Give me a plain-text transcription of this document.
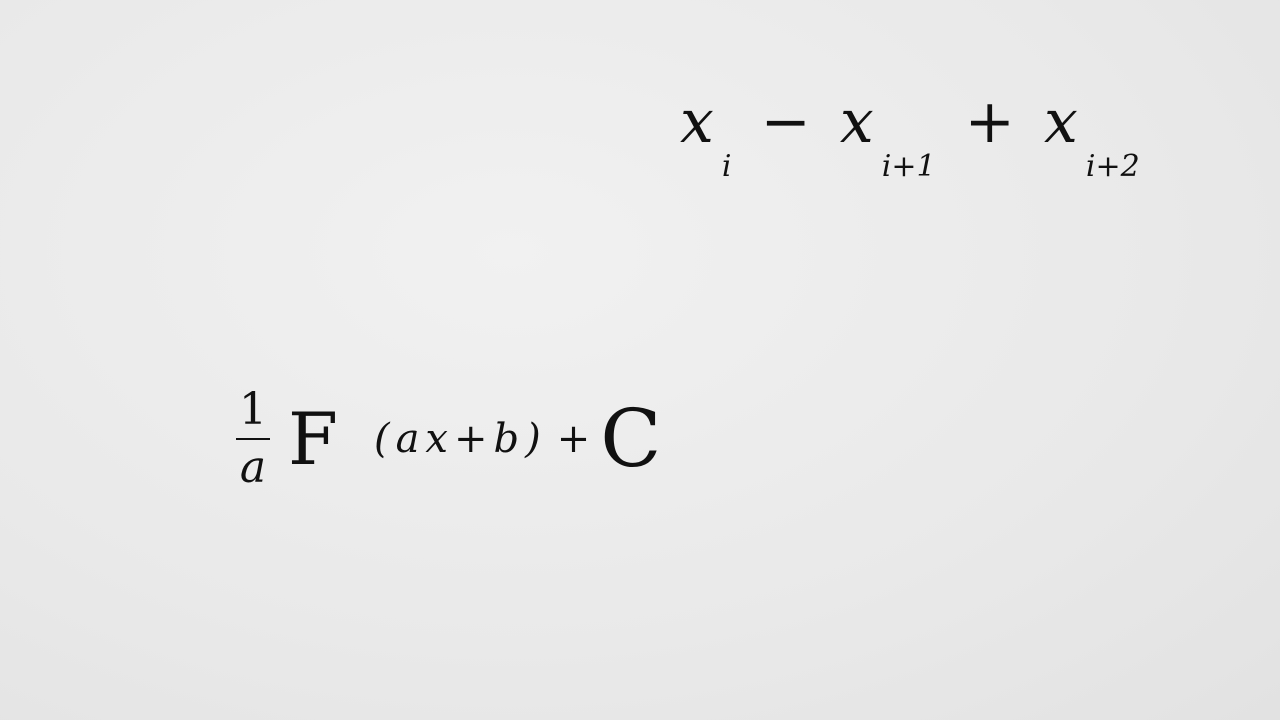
$x_i - x_{i+1} + x_{i+2}$
$\frac{1}{a}$ F (ax+b) + C
